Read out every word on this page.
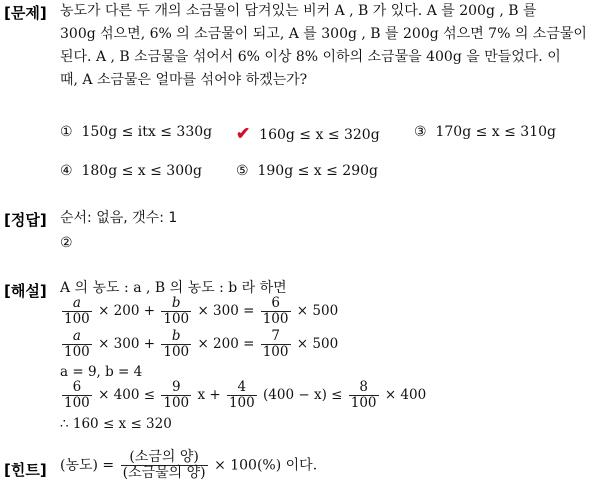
[문제] 농도가 다른 두 개의 소금물이 담겨있는 비커 A , B 가 있다. A 를 200g , B 를
300g 섞으면, 6% 의 소금물이 되고, A 를 300g , B 를 200g 섞으면 7% 의 소금물이
된다. A , B 소금물을 섞어서 6% 이상 8% 이하의 소금물을 400g 을 만들었다. 이
때, A 소금물은 얼마를 섞어야 하겠는가?
① 150g ≤ itx ≤ 330g ✔ 160g ≤ x ≤ 320g ③ 170g ≤ x ≤ 310g
④ 180g ≤ x ≤ 300g ⑤ 190g ≤ x ≤ 290g
[정답] 순서: 없음, 갯수: 1
②
[해설] A 의 농도 : a , B 의 농도 : b 라 하면
$\frac{a}{100} \times 200 + \frac{b}{100} \times 300 = \frac{6}{100} \times 500$
$\frac{a}{100} \times 300 + \frac{b}{100} \times 200 = \frac{7}{100} \times 500$
a = 9, b = 4
$\frac{6}{100} \times 400 \le \frac{9}{100}$ $x + \frac{4}{100} (400 - x) \le \frac{8}{100} \times 400$
∴ 160 ≤ x ≤ 320
[힌트] (농도) = $\frac{\text{(소금의 양)}}{\text{(소금물의 양)}} \times 100(\%)$ 이다.
